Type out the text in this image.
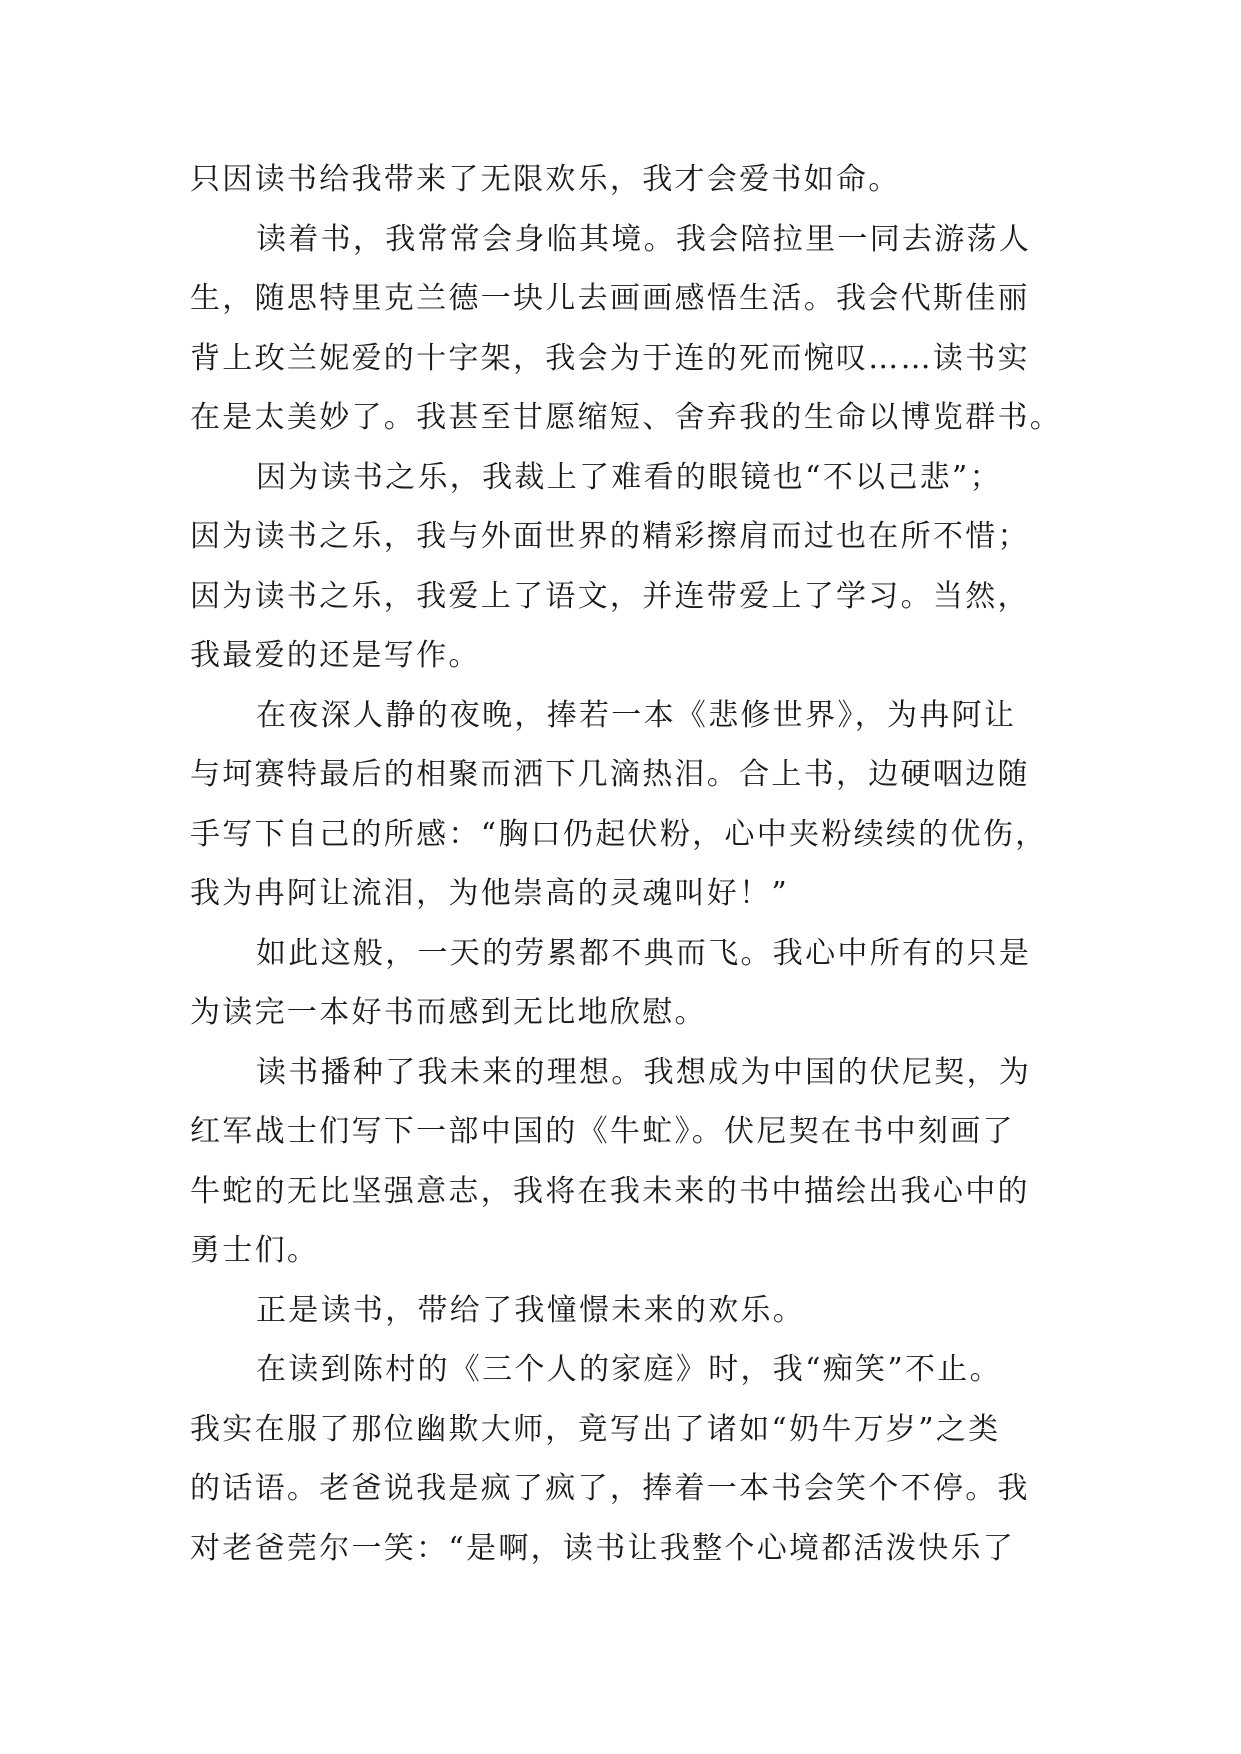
只因读书给我带来了无限欢乐，我才会爱书如命。
读着书，我常常会身临其境。我会陪拉里一同去游荡人
生，随思特里克兰德一块儿去画画感悟生活。我会代斯佳丽
背上玫兰妮爱的十字架，我会为于连的死而惋叹……读书实
在是太美妙了。我甚至甘愿缩短、舍弃我的生命以博览群书。
因为读书之乐，我裁上了难看的眼镜也“不以己悲”；
因为读书之乐，我与外面世界的精彩擦肩而过也在所不惜；
因为读书之乐，我爱上了语文，并连带爱上了学习。当然，
我最爱的还是写作。
在夜深人静的夜晚，捧若一本《悲修世界》，为冉阿让
与坷赛特最后的相聚而洒下几滴热泪。合上书，边硬咽边随
手写下自己的所感：“胸口仍起伏粉，心中夹粉续续的优伤，
我为冉阿让流泪，为他崇高的灵魂叫好！”
如此这般，一天的劳累都不典而飞。我心中所有的只是
为读完一本好书而感到无比地欣慰。
读书播种了我未来的理想。我想成为中国的伏尼契，为
红军战士们写下一部中国的《牛虻》。伏尼契在书中刻画了
牛蛇的无比坚强意志，我将在我未来的书中描绘出我心中的
勇士们。
正是读书，带给了我憧憬未来的欢乐。
在读到陈村的《三个人的家庭》时，我“痴笑”不止。
我实在服了那位幽欺大师，竟写出了诸如“奶牛万岁”之类
的话语。老爸说我是疯了疯了，捧着一本书会笑个不停。我
对老爸莞尔一笑：“是啊，读书让我整个心境都活泼快乐了
